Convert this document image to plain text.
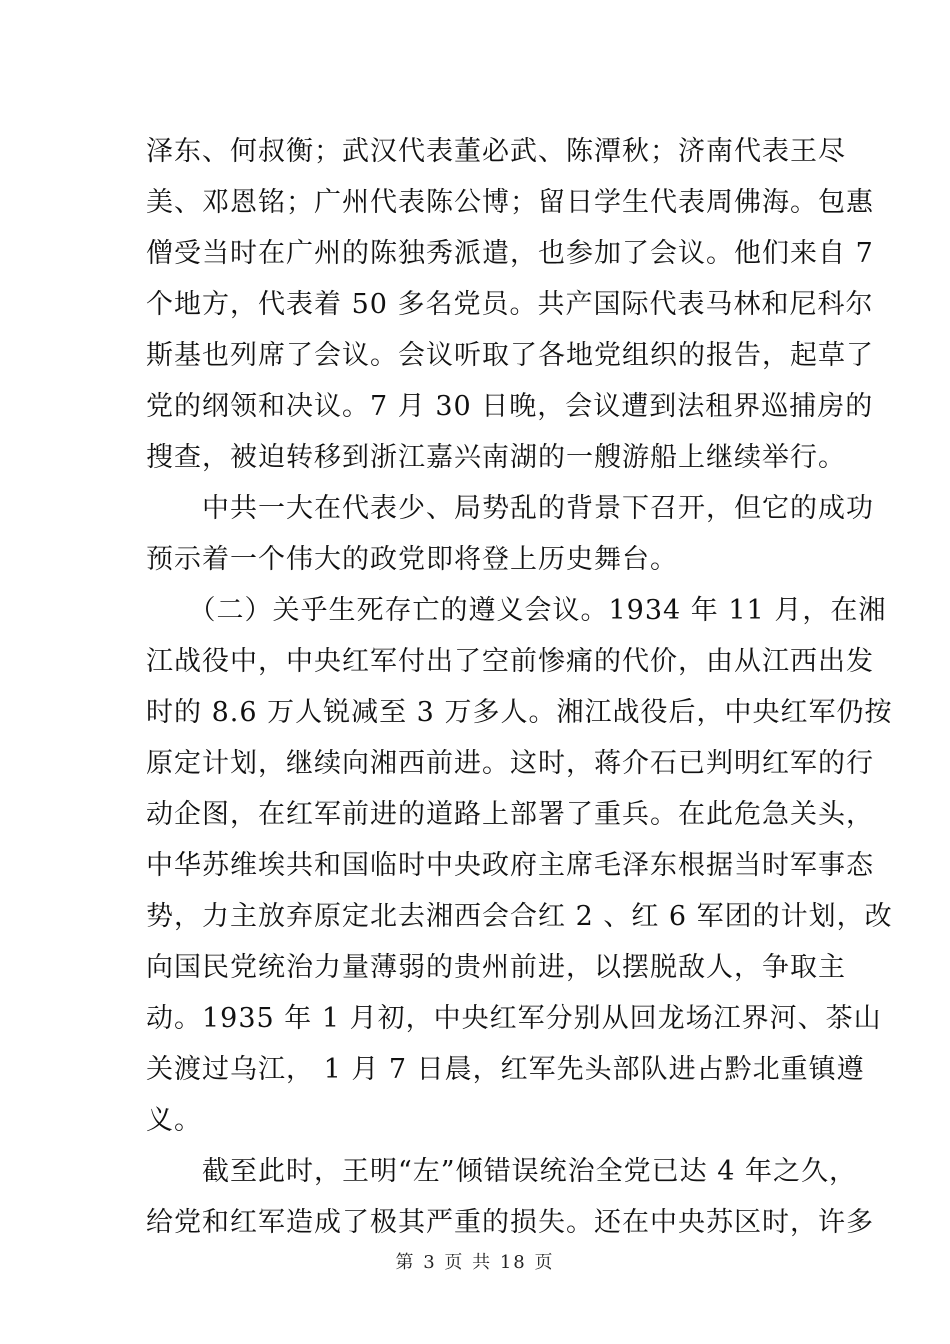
泽东、何叔衡；武汉代表董必武、陈潭秋；济南代表王尽
美、邓恩铭；广州代表陈公博；留日学生代表周佛海。包惠
僧受当时在广州的陈独秀派遣，也参加了会议。他们来自 7
个地方，代表着 50 多名党员。共产国际代表马林和尼科尔
斯基也列席了会议。会议听取了各地党组织的报告，起草了
党的纲领和决议。7 月 30 日晚，会议遭到法租界巡捕房的
搜查，被迫转移到浙江嘉兴南湖的一艘游船上继续举行。
　　中共一大在代表少、局势乱的背景下召开，但它的成功
预示着一个伟大的政党即将登上历史舞台。
　　（二）关乎生死存亡的遵义会议。1934 年 11 月，在湘
江战役中，中央红军付出了空前惨痛的代价，由从江西出发
时的 8.6 万人锐减至 3 万多人。湘江战役后，中央红军仍按
原定计划，继续向湘西前进。这时，蒋介石已判明红军的行
动企图，在红军前进的道路上部署了重兵。在此危急关头，
中华苏维埃共和国临时中央政府主席毛泽东根据当时军事态
势，力主放弃原定北去湘西会合红 2 、红 6 军团的计划，改
向国民党统治力量薄弱的贵州前进，以摆脱敌人，争取主
动。1935 年 1 月初，中央红军分别从回龙场江界河、茶山
关渡过乌江， 1 月 7 日晨，红军先头部队进占黔北重镇遵
义。
　　截至此时，王明“左”倾错误统治全党已达 4 年之久，
给党和红军造成了极其严重的损失。还在中央苏区时，许多
第 3 页 共 18 页
